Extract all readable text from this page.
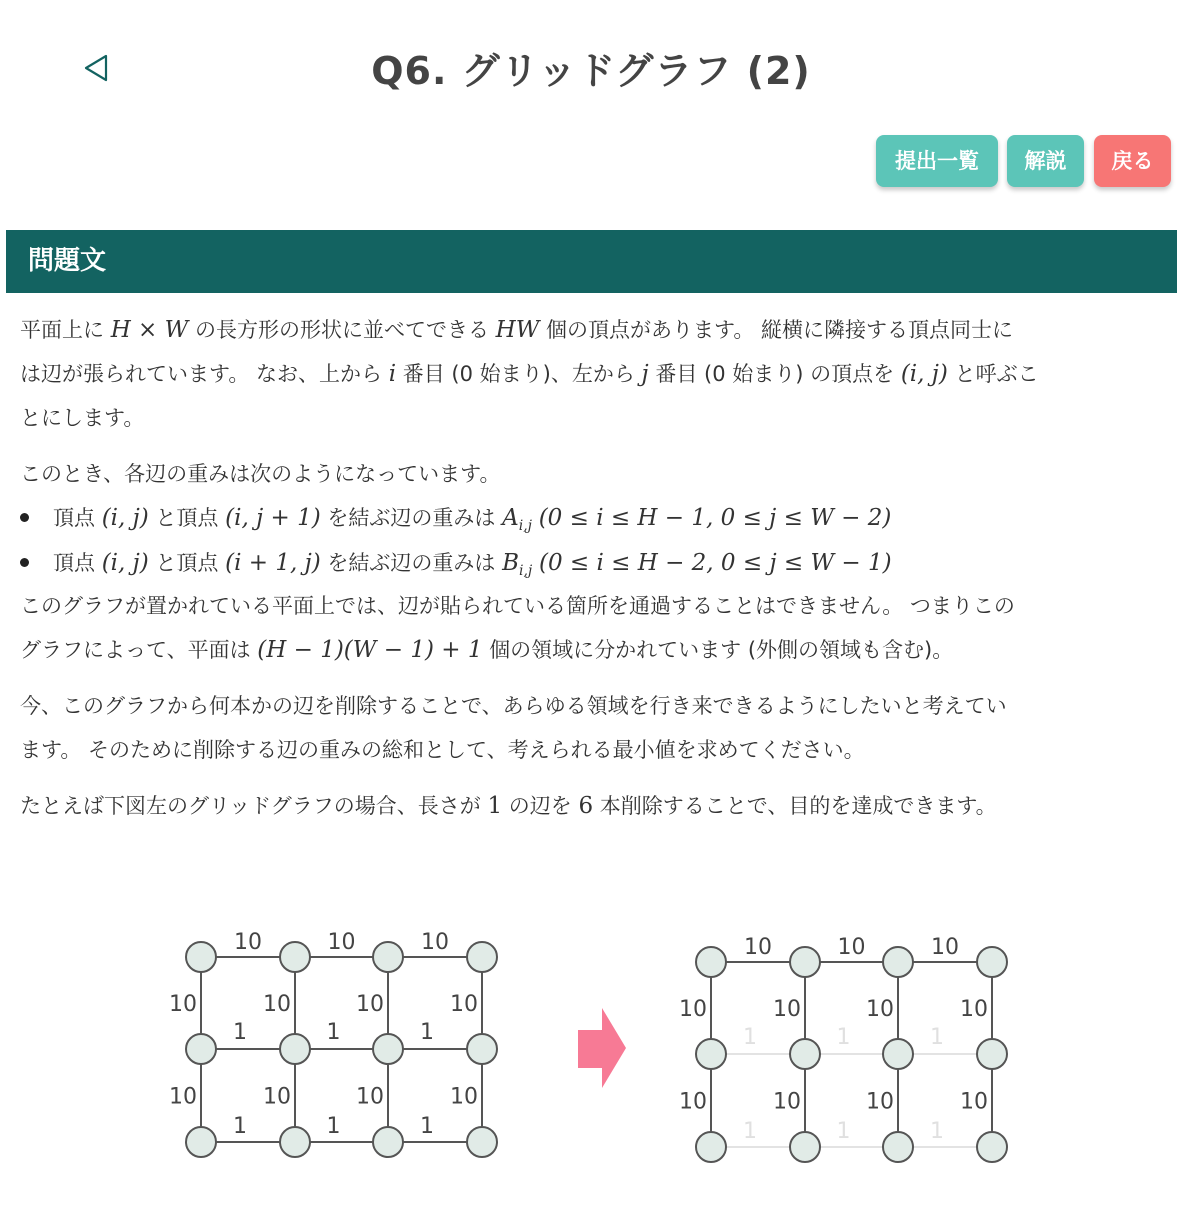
Q6. グリッドグラフ (2)
提出一覧	解説	戻る
問題文

平面上に H × W の長方形の形状に並べてできる HW 個の頂点があります。 縦横に隣接する頂点同士に
は辺が張られています。 なお、上から i 番目 (0 始まり)、左から j 番目 (0 始まり) の頂点を (i, j) と呼ぶこ
とにします。

このとき、各辺の重みは次のようになっています。

頂点 (i, j) と頂点 (i, j + 1) を結ぶ辺の重みは $A_{i,j}$ (0 ≤ i ≤ H − 1, 0 ≤ j ≤ W − 2)
頂点 (i, j) と頂点 (i + 1, j) を結ぶ辺の重みは $B_{i,j}$ (0 ≤ i ≤ H − 2, 0 ≤ j ≤ W − 1)

このグラフが置かれている平面上では、辺が貼られている箇所を通過することはできません。 つまりこの
グラフによって、平面は (H − 1)(W − 1) + 1 個の領域に分かれています (外側の領域も含む)。

今、このグラフから何本かの辺を削除することで、あらゆる領域を行き来できるようにしたいと考えてい
ます。 そのために削除する辺の重みの総和として、考えられる最小値を求めてください。

たとえば下図左のグリッドグラフの場合、長さが 1 の辺を 6 本削除することで、目的を達成できます。

10	10	10
1	1	1
1	1	1
10	10	10	10
10	10	10	10
10	10	10
1	1	1
1	1	1
10	10	10	10
10	10	10	10
